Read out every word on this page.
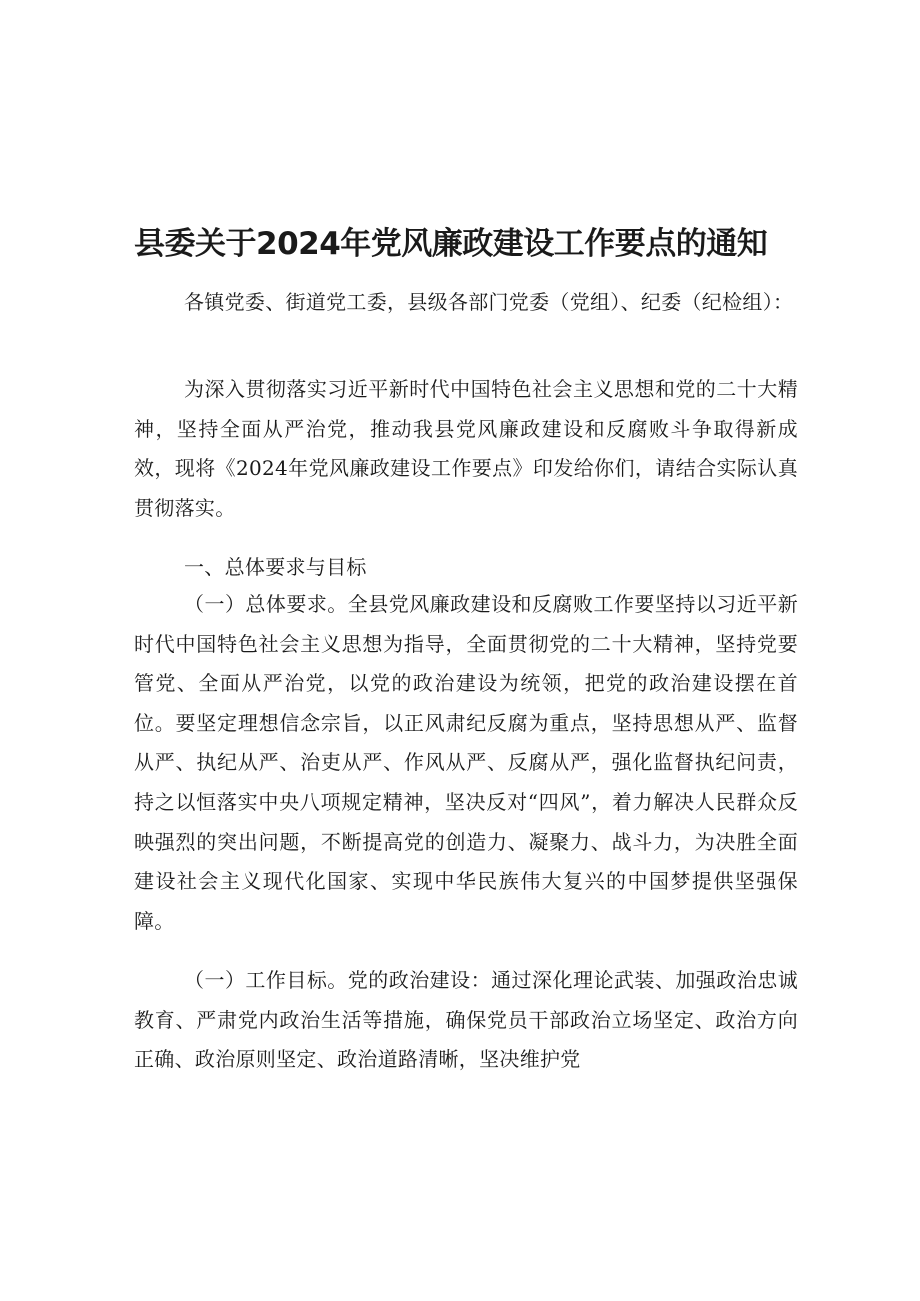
县委关于2024年党风廉政建设工作要点的通知

各镇党委、街道党工委，县级各部门党委（党组）、纪委（纪检组）：

为深入贯彻落实习近平新时代中国特色社会主义思想和党的二十大精神，坚持全面从严治党，推动我县党风廉政建设和反腐败斗争取得新成效，现将《2024年党风廉政建设工作要点》印发给你们，请结合实际认真贯彻落实。

一、总体要求与目标

（一）总体要求。全县党风廉政建设和反腐败工作要坚持以习近平新时代中国特色社会主义思想为指导，全面贯彻党的二十大精神，坚持党要管党、全面从严治党，以党的政治建设为统领，把党的政治建设摆在首位。要坚定理想信念宗旨，以正风肃纪反腐为重点，坚持思想从严、监督从严、执纪从严、治吏从严、作风从严、反腐从严，强化监督执纪问责，持之以恒落实中央八项规定精神，坚决反对“四风”，着力解决人民群众反映强烈的突出问题，不断提高党的创造力、凝聚力、战斗力，为决胜全面建设社会主义现代化国家、实现中华民族伟大复兴的中国梦提供坚强保障。

（一）工作目标。党的政治建设：通过深化理论武装、加强政治忠诚教育、严肃党内政治生活等措施，确保党员干部政治立场坚定、政治方向正确、政治原则坚定、政治道路清晰，坚决维护党
